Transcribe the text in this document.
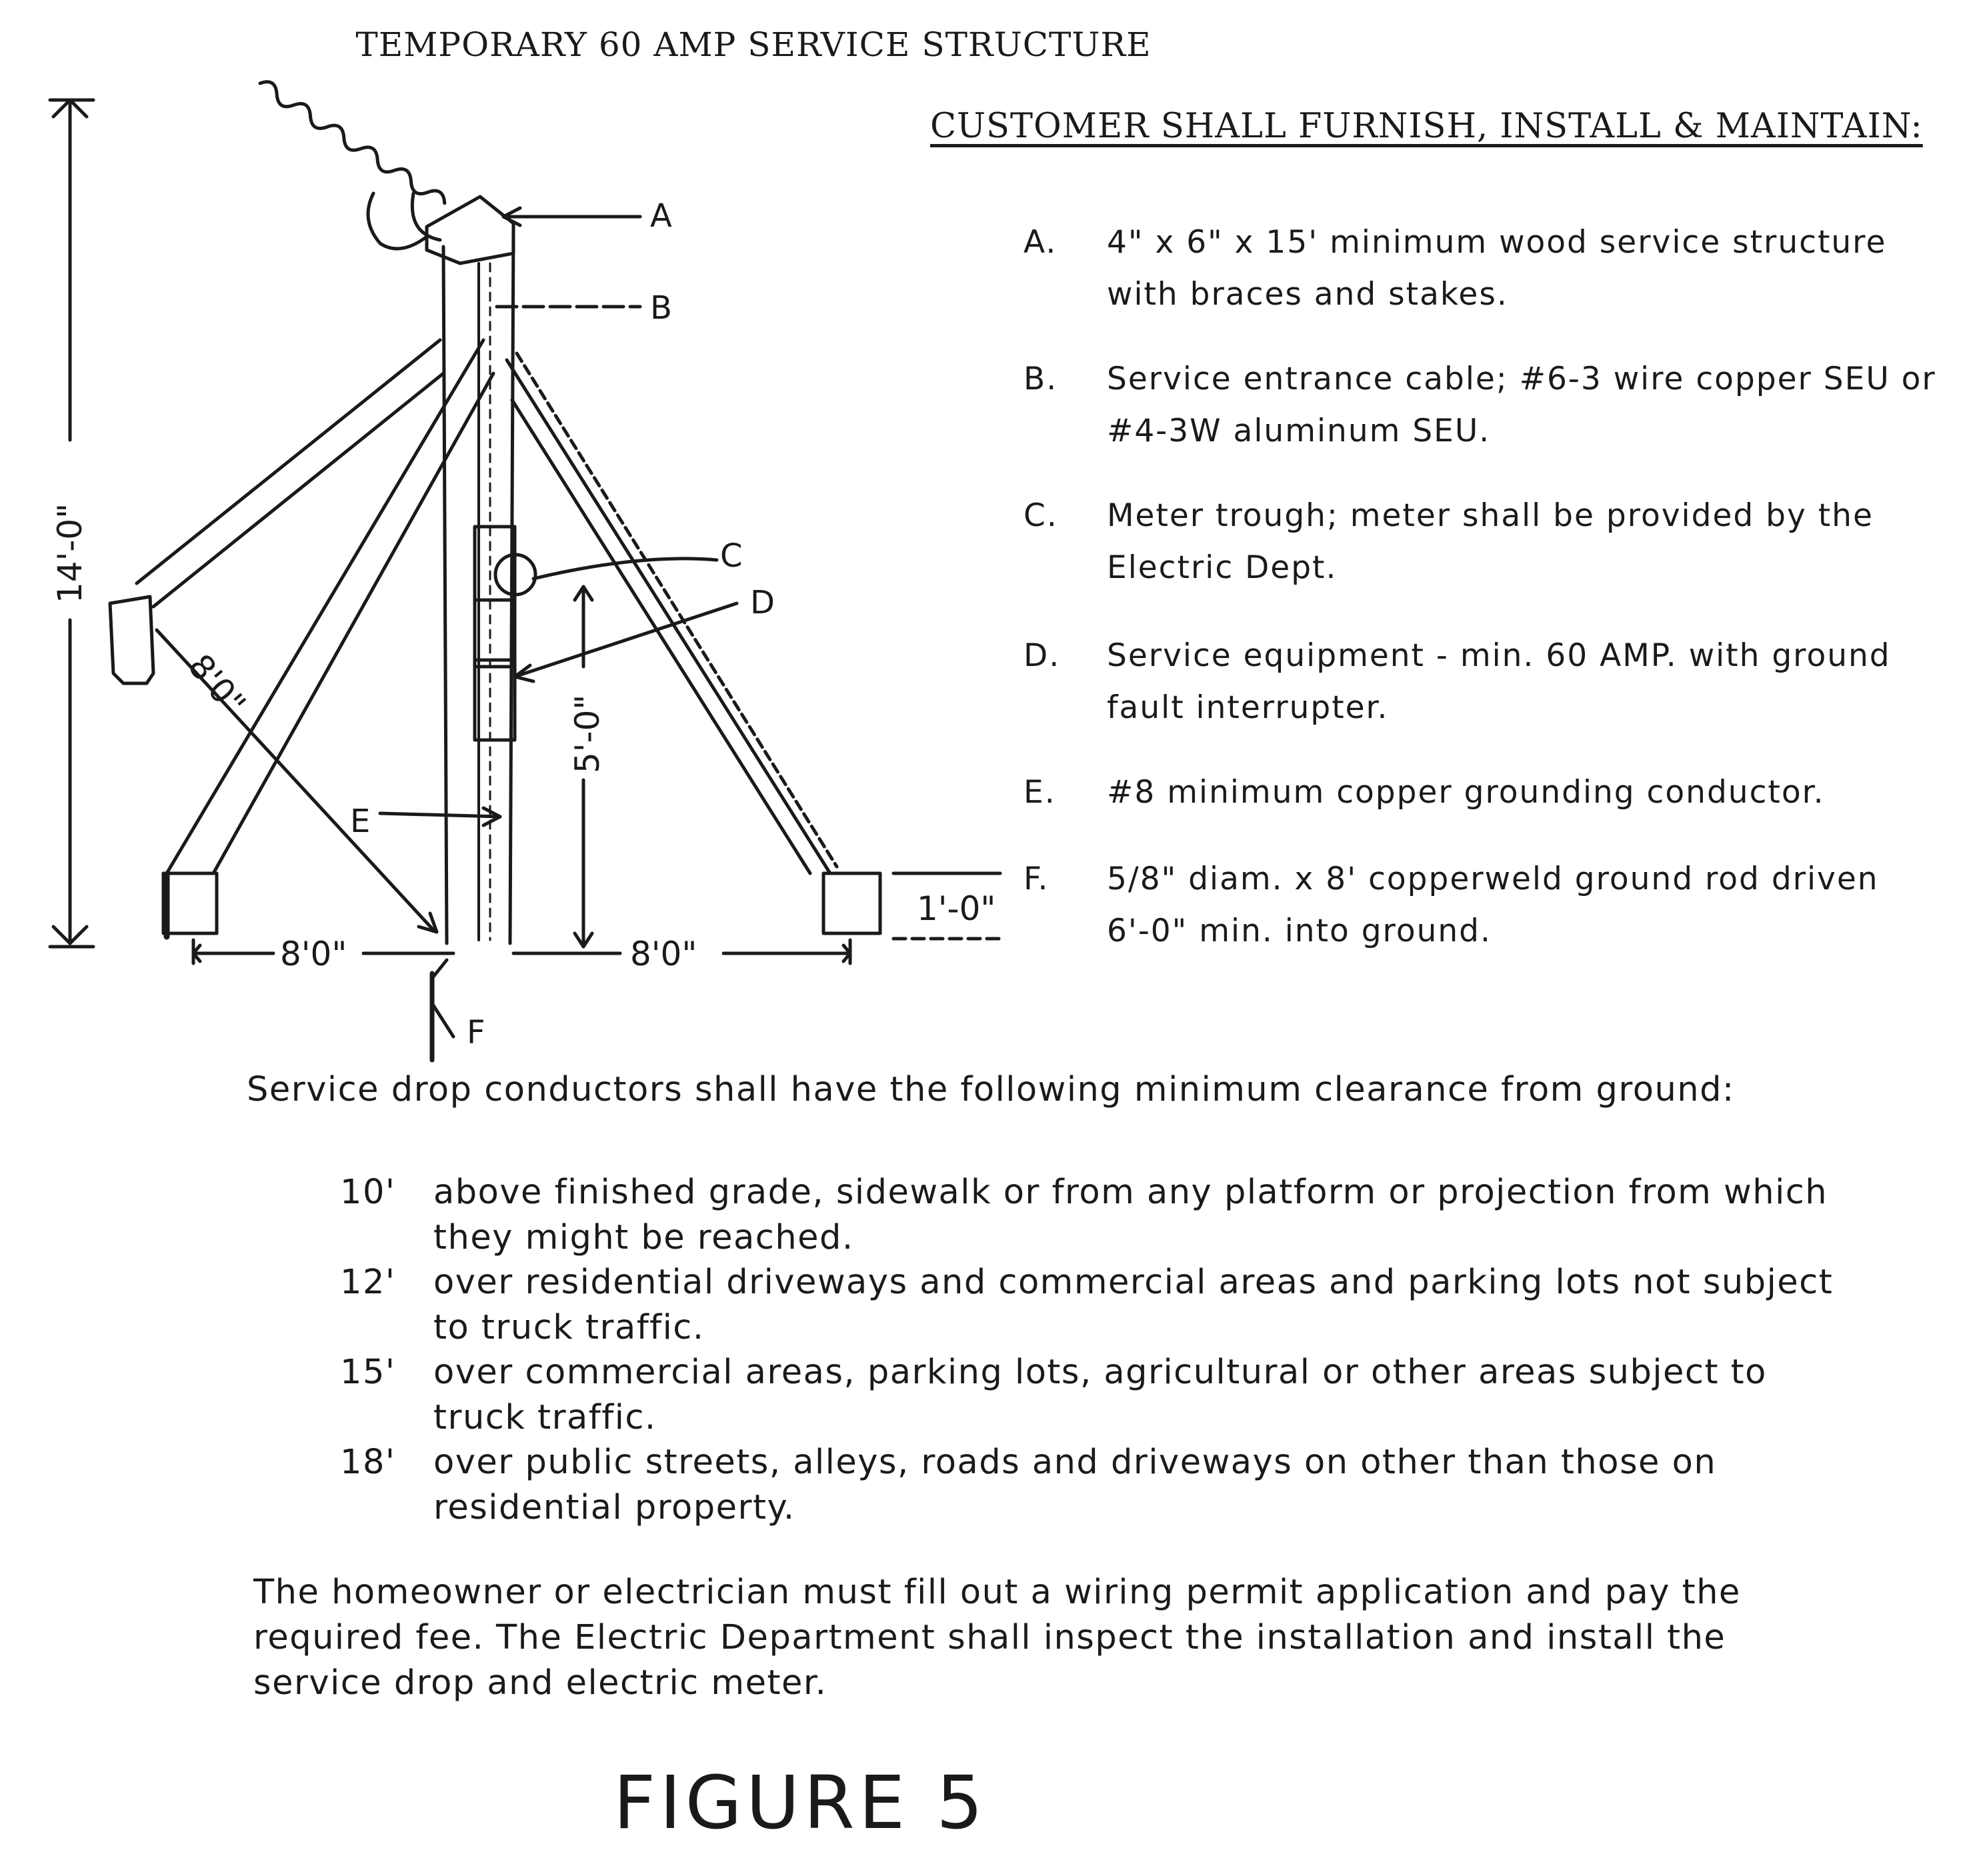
TEMPORARY 60 AMP SERVICE STRUCTURE
14'-0"
8'0"
8'0"	8'0"
5'-0"
1'-0"
A
B
C
D
E
F
CUSTOMER SHALL FURNISH, INSTALL & MAINTAIN:
A.	4" x 6" x 15' minimum wood service structure with braces and stakes.
B.	Service entrance cable; #6-3 wire copper SEU or #4-3W aluminum SEU.
C.	Meter trough; meter shall be provided by the Electric Dept.
D.	Service equipment - min. 60 AMP. with ground fault interrupter.
E.	#8 minimum copper grounding conductor.
F.	5/8" diam. x 8' copperweld ground rod driven 6'-0" min. into ground.
Service drop conductors shall have the following minimum clearance from ground:
10'	above finished grade, sidewalk or from any platform or projection from which they might be reached.
12'	over residential driveways and commercial areas and parking lots not subject to truck traffic.
15'	over commercial areas, parking lots, agricultural or other areas subject to truck traffic.
18'	over public streets, alleys, roads and driveways on other than those on residential property.
The homeowner or electrician must fill out a wiring permit application and pay the required fee. The Electric Department shall inspect the installation and install the service drop and electric meter.
FIGURE 5
